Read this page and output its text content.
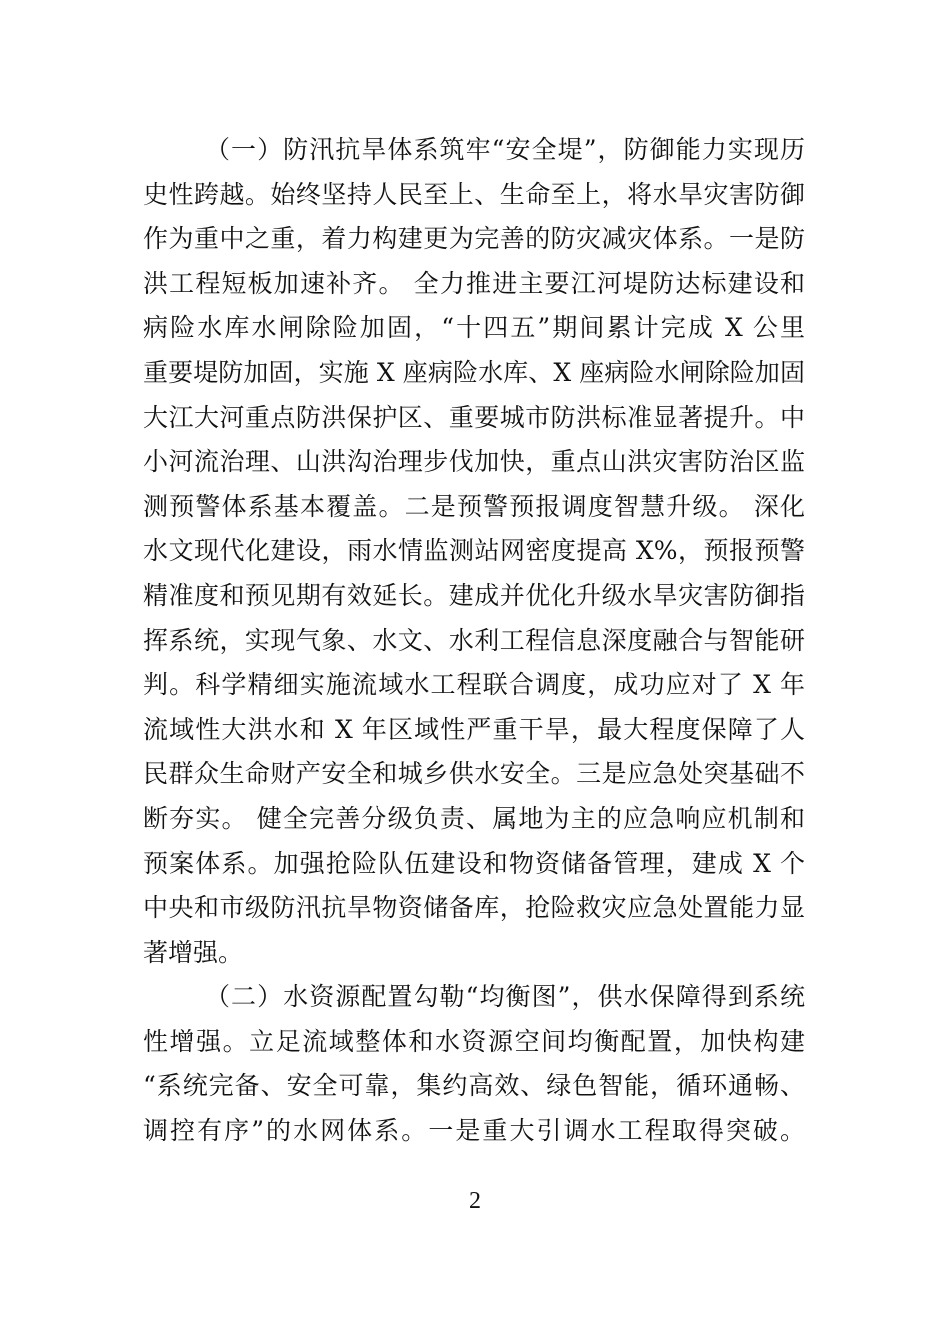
（一）防汛抗旱体系筑牢“安全堤”，防御能力实现历
史性跨越。始终坚持人民至上、生命至上，将水旱灾害防御
作为重中之重，着力构建更为完善的防灾减灾体系。一是防
洪工程短板加速补齐。 全力推进主要江河堤防达标建设和
病险水库水闸除险加固，“十四五”期间累计完成 X 公里
重要堤防加固，实施 X 座病险水库、X 座病险水闸除险加固
大江大河重点防洪保护区、重要城市防洪标准显著提升。中
小河流治理、山洪沟治理步伐加快，重点山洪灾害防治区监
测预警体系基本覆盖。二是预警预报调度智慧升级。 深化
水文现代化建设，雨水情监测站网密度提高 X%，预报预警
精准度和预见期有效延长。建成并优化升级水旱灾害防御指
挥系统，实现气象、水文、水利工程信息深度融合与智能研
判。科学精细实施流域水工程联合调度，成功应对了 X 年
流域性大洪水和 X 年区域性严重干旱，最大程度保障了人
民群众生命财产安全和城乡供水安全。三是应急处突基础不
断夯实。 健全完善分级负责、属地为主的应急响应机制和
预案体系。加强抢险队伍建设和物资储备管理，建成 X 个
中央和市级防汛抗旱物资储备库，抢险救灾应急处置能力显
著增强。
（二）水资源配置勾勒“均衡图”，供水保障得到系统
性增强。立足流域整体和水资源空间均衡配置，加快构建
“系统完备、安全可靠，集约高效、绿色智能，循环通畅、
调控有序”的水网体系。一是重大引调水工程取得突破。
2
